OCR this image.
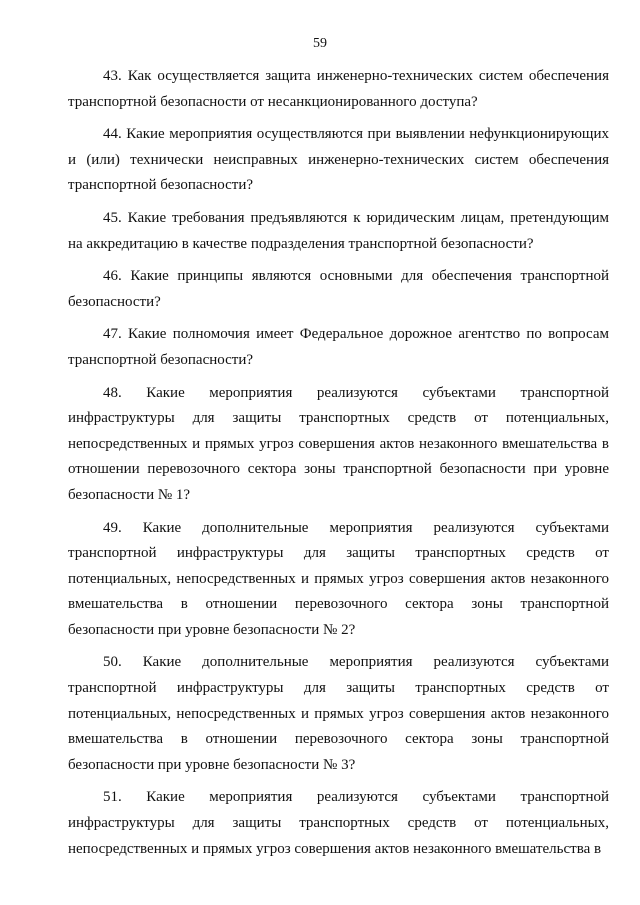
59

43. Как осуществляется защита инженерно-технических систем обеспечения транспортной безопасности от несанкционированного доступа?

44. Какие мероприятия осуществляются при выявлении нефункционирующих и (или) технически неисправных инженерно-технических систем обеспечения транспортной безопасности?

45. Какие требования предъявляются к юридическим лицам, претендующим на аккредитацию в качестве подразделения транспортной безопасности?

46. Какие принципы являются основными для обеспечения транспортной безопасности?

47. Какие полномочия имеет Федеральное дорожное агентство по вопросам транспортной безопасности?

48. Какие мероприятия реализуются субъектами транспортной инфраструктуры для защиты транспортных средств от потенциальных, непосредственных и прямых угроз совершения актов незаконного вмешательства в отношении перевозочного сектора зоны транспортной безопасности при уровне безопасности № 1?

49. Какие дополнительные мероприятия реализуются субъектами транспортной инфраструктуры для защиты транспортных средств от потенциальных, непосредственных и прямых угроз совершения актов незаконного вмешательства в отношении перевозочного сектора зоны транспортной безопасности при уровне безопасности № 2?

50. Какие дополнительные мероприятия реализуются субъектами транспортной инфраструктуры для защиты транспортных средств от потенциальных, непосредственных и прямых угроз совершения актов незаконного вмешательства в отношении перевозочного сектора зоны транспортной безопасности при уровне безопасности № 3?

51. Какие мероприятия реализуются субъектами транспортной инфраструктуры для защиты транспортных средств от потенциальных, непосредственных и прямых угроз совершения актов незаконного вмешательства в
